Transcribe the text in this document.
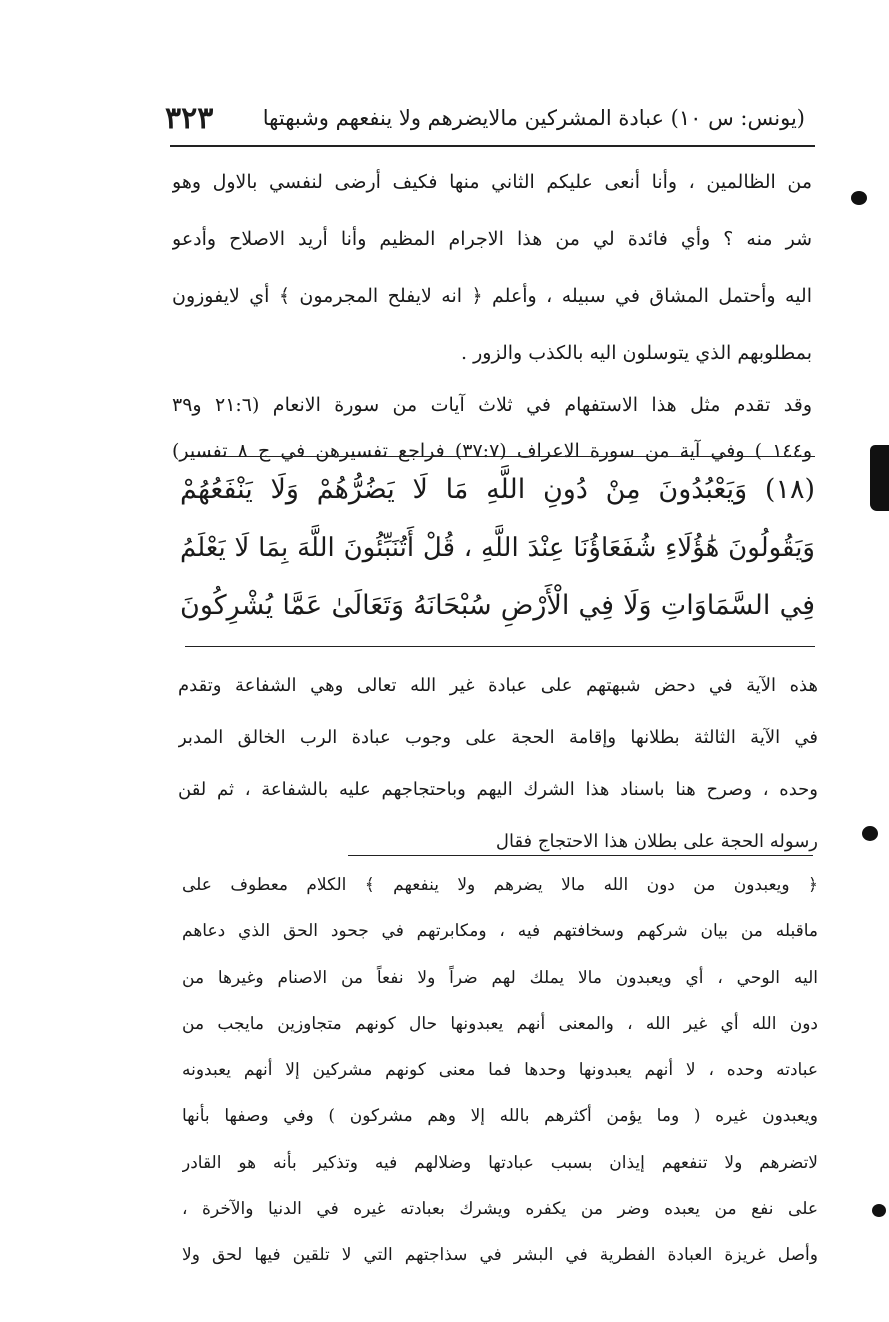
(يونس: س ١٠) عبادة المشركين مالايضرهم ولا ينفعهم وشبهتها
٣٢٣
من الظالمين ، وأنا أنعى عليكم الثاني منها فكيف أرضى لنفسي بالاول وهو
شر منه ؟ وأي فائدة لي من هذا الاجرام المظيم وأنا أريد الاصلاح وأدعو
اليه وأحتمل المشاق في سبيله ، وأعلم ﴿ انه لايفلح المجرمون ﴾ أي لايفوزون
بمطلوبهم الذي يتوسلون اليه بالكذب والزور .
وقد تقدم مثل هذا الاستفهام في ثلاث آيات من سورة الانعام (٢١:٦ و٣٩
و١٤٤ ) وفي آية من سورة الاعراف (٣٧:٧) فراجع تفسيرهن في ج ٨ تفسير)
(١٨) وَيَعْبُدُونَ مِنْ دُونِ اللَّهِ مَا لَا يَضُرُّهُمْ وَلَا يَنْفَعُهُمْ
وَيَقُولُونَ هَٰؤُلَاءِ شُفَعَاؤُنَا عِنْدَ اللَّهِ ، قُلْ أَتُنَبِّئُونَ اللَّهَ بِمَا لَا يَعْلَمُ
فِي السَّمَاوَاتِ وَلَا فِي الْأَرْضِ سُبْحَانَهُ وَتَعَالَىٰ عَمَّا يُشْرِكُونَ
هذه الآية في دحض شبهتهم على عبادة غير الله تعالى وهي الشفاعة وتقدم
في الآية الثالثة بطلانها وإقامة الحجة على وجوب عبادة الرب الخالق المدبر
وحده ، وصرح هنا باسناد هذا الشرك اليهم وباحتجاجهم عليه بالشفاعة ، ثم لقن
رسوله الحجة على بطلان هذا الاحتجاج فقال
﴿ ويعبدون من دون الله مالا يضرهم ولا ينفعهم ﴾ الكلام معطوف على
ماقبله من بيان شركهم وسخافتهم فيه ، ومكابرتهم في جحود الحق الذي دعاهم
اليه الوحي ، أي ويعبدون مالا يملك لهم ضراً ولا نفعاً من الاصنام وغيرها من
دون الله أي غير الله ، والمعنى أنهم يعبدونها حال كونهم متجاوزين مايجب من
عبادته وحده ، لا أنهم يعبدونها وحدها فما معنى كونهم مشركين إلا أنهم يعبدونه
ويعبدون غيره ( وما يؤمن أكثرهم بالله إلا وهم مشركون ) وفي وصفها بأنها
لاتضرهم ولا تنفعهم إيذان بسبب عبادتها وضلالهم فيه وتذكير بأنه هو القادر
على نفع من يعبده وضر من يكفره ويشرك بعبادته غيره في الدنيا والآخرة ،
وأصل غريزة العبادة الفطرية في البشر في سذاجتهم التي لا تلقين فيها لحق ولا
